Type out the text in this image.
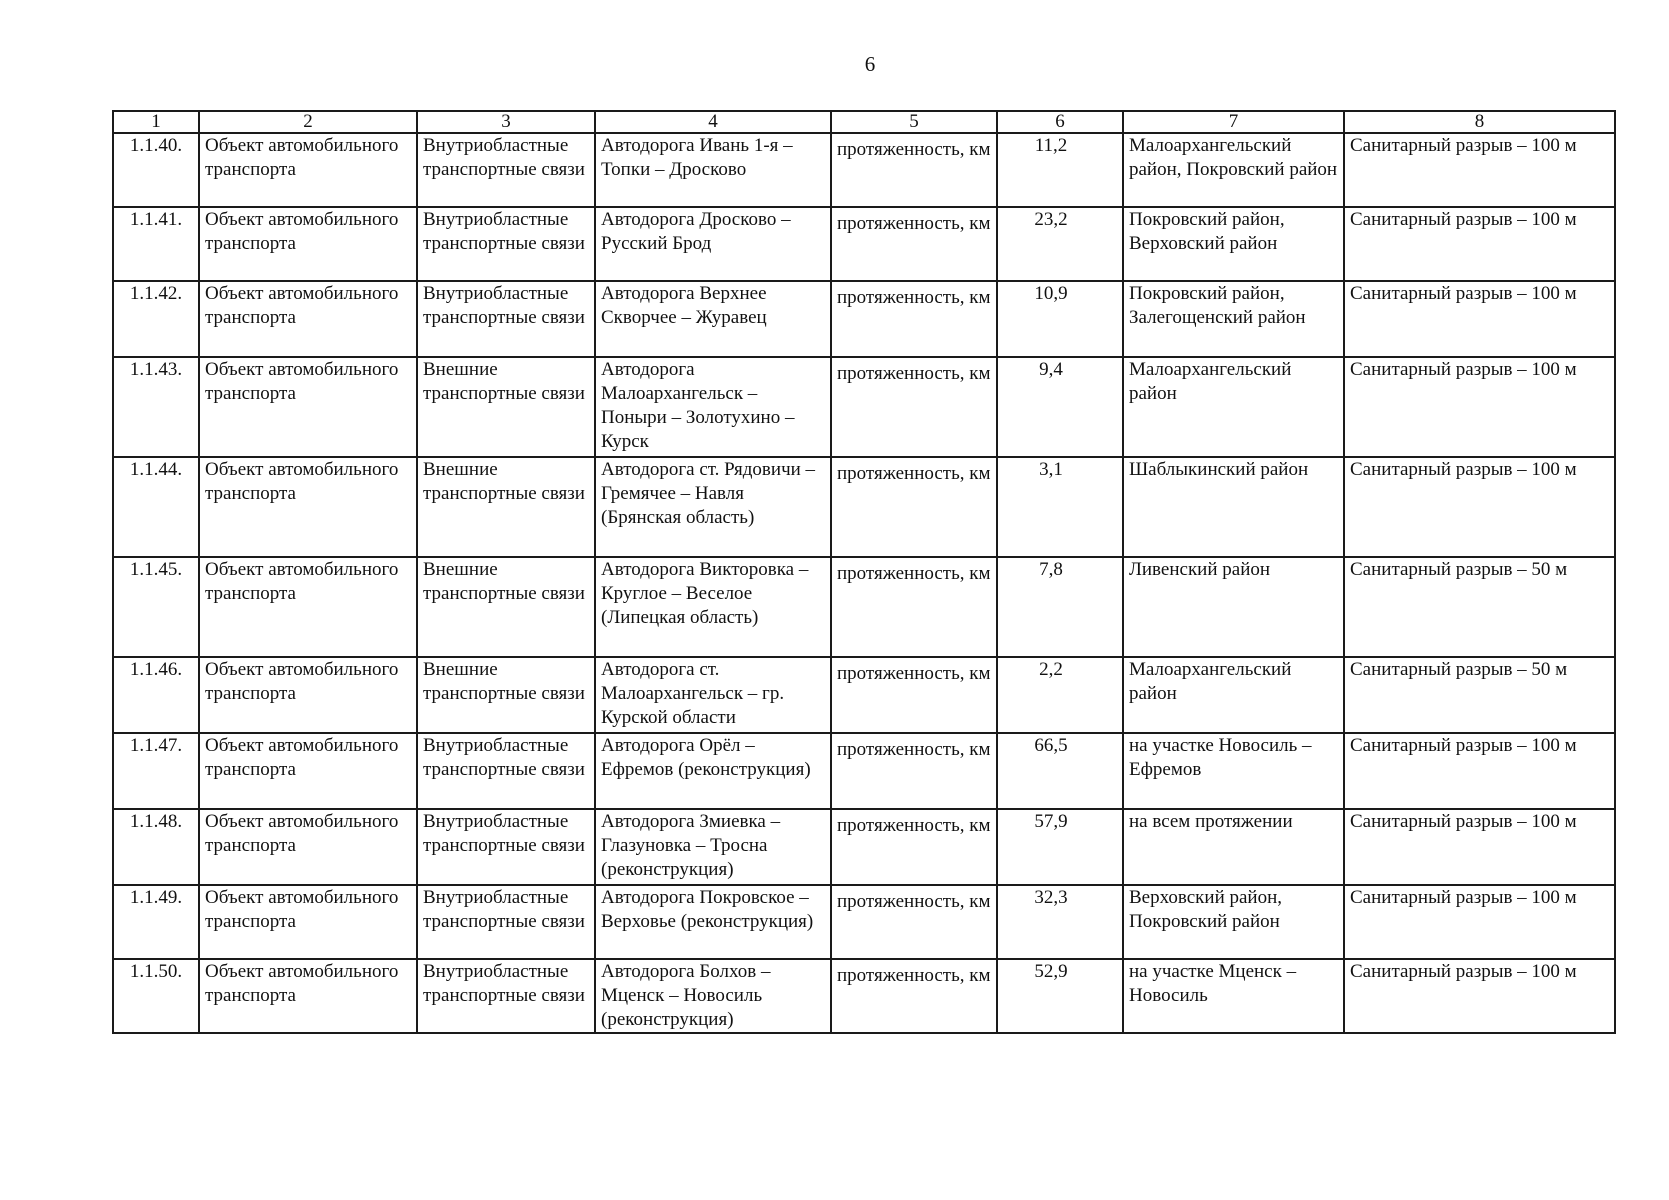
6
1	2	3	4	5	6	7	8
1.1.40.	Объект автомобильного транспорта	Внутриобластные транспортные связи	Автодорога Ивань 1-я – Топки – Дросково	протяженность, км	11,2	Малоархангельский район, Покровский район	Санитарный разрыв – 100 м
1.1.41.	Объект автомобильного транспорта	Внутриобластные транспортные связи	Автодорога Дросково – Русский Брод	протяженность, км	23,2	Покровский район, Верховский район	Санитарный разрыв – 100 м
1.1.42.	Объект автомобильного транспорта	Внутриобластные транспортные связи	Автодорога Верхнее Скворчее – Журавец	протяженность, км	10,9	Покровский район, Залегощенский район	Санитарный разрыв – 100 м
1.1.43.	Объект автомобильного транспорта	Внешние транспортные связи	Автодорога Малоархангельск – Поныри – Золотухино – Курск	протяженность, км	9,4	Малоархангельский район	Санитарный разрыв – 100 м
1.1.44.	Объект автомобильного транспорта	Внешние транспортные связи	Автодорога ст. Рядовичи – Гремячее – Навля (Брянская область)	протяженность, км	3,1	Шаблыкинский район	Санитарный разрыв – 100 м
1.1.45.	Объект автомобильного транспорта	Внешние транспортные связи	Автодорога Викторовка – Круглое – Веселое (Липецкая область)	протяженность, км	7,8	Ливенский район	Санитарный разрыв – 50 м
1.1.46.	Объект автомобильного транспорта	Внешние транспортные связи	Автодорога ст. Малоархангельск – гр. Курской области	протяженность, км	2,2	Малоархангельский район	Санитарный разрыв – 50 м
1.1.47.	Объект автомобильного транспорта	Внутриобластные транспортные связи	Автодорога Орёл – Ефремов (реконструкция)	протяженность, км	66,5	на участке Новосиль – Ефремов	Санитарный разрыв – 100 м
1.1.48.	Объект автомобильного транспорта	Внутриобластные транспортные связи	Автодорога Змиевка – Глазуновка – Тросна (реконструкция)	протяженность, км	57,9	на всем протяжении	Санитарный разрыв – 100 м
1.1.49.	Объект автомобильного транспорта	Внутриобластные транспортные связи	Автодорога Покровское – Верховье (реконструкция)	протяженность, км	32,3	Верховский район, Покровский район	Санитарный разрыв – 100 м
1.1.50.	Объект автомобильного транспорта	Внутриобластные транспортные связи	Автодорога Болхов – Мценск – Новосиль (реконструкция)	протяженность, км	52,9	на участке Мценск – Новосиль	Санитарный разрыв – 100 м
